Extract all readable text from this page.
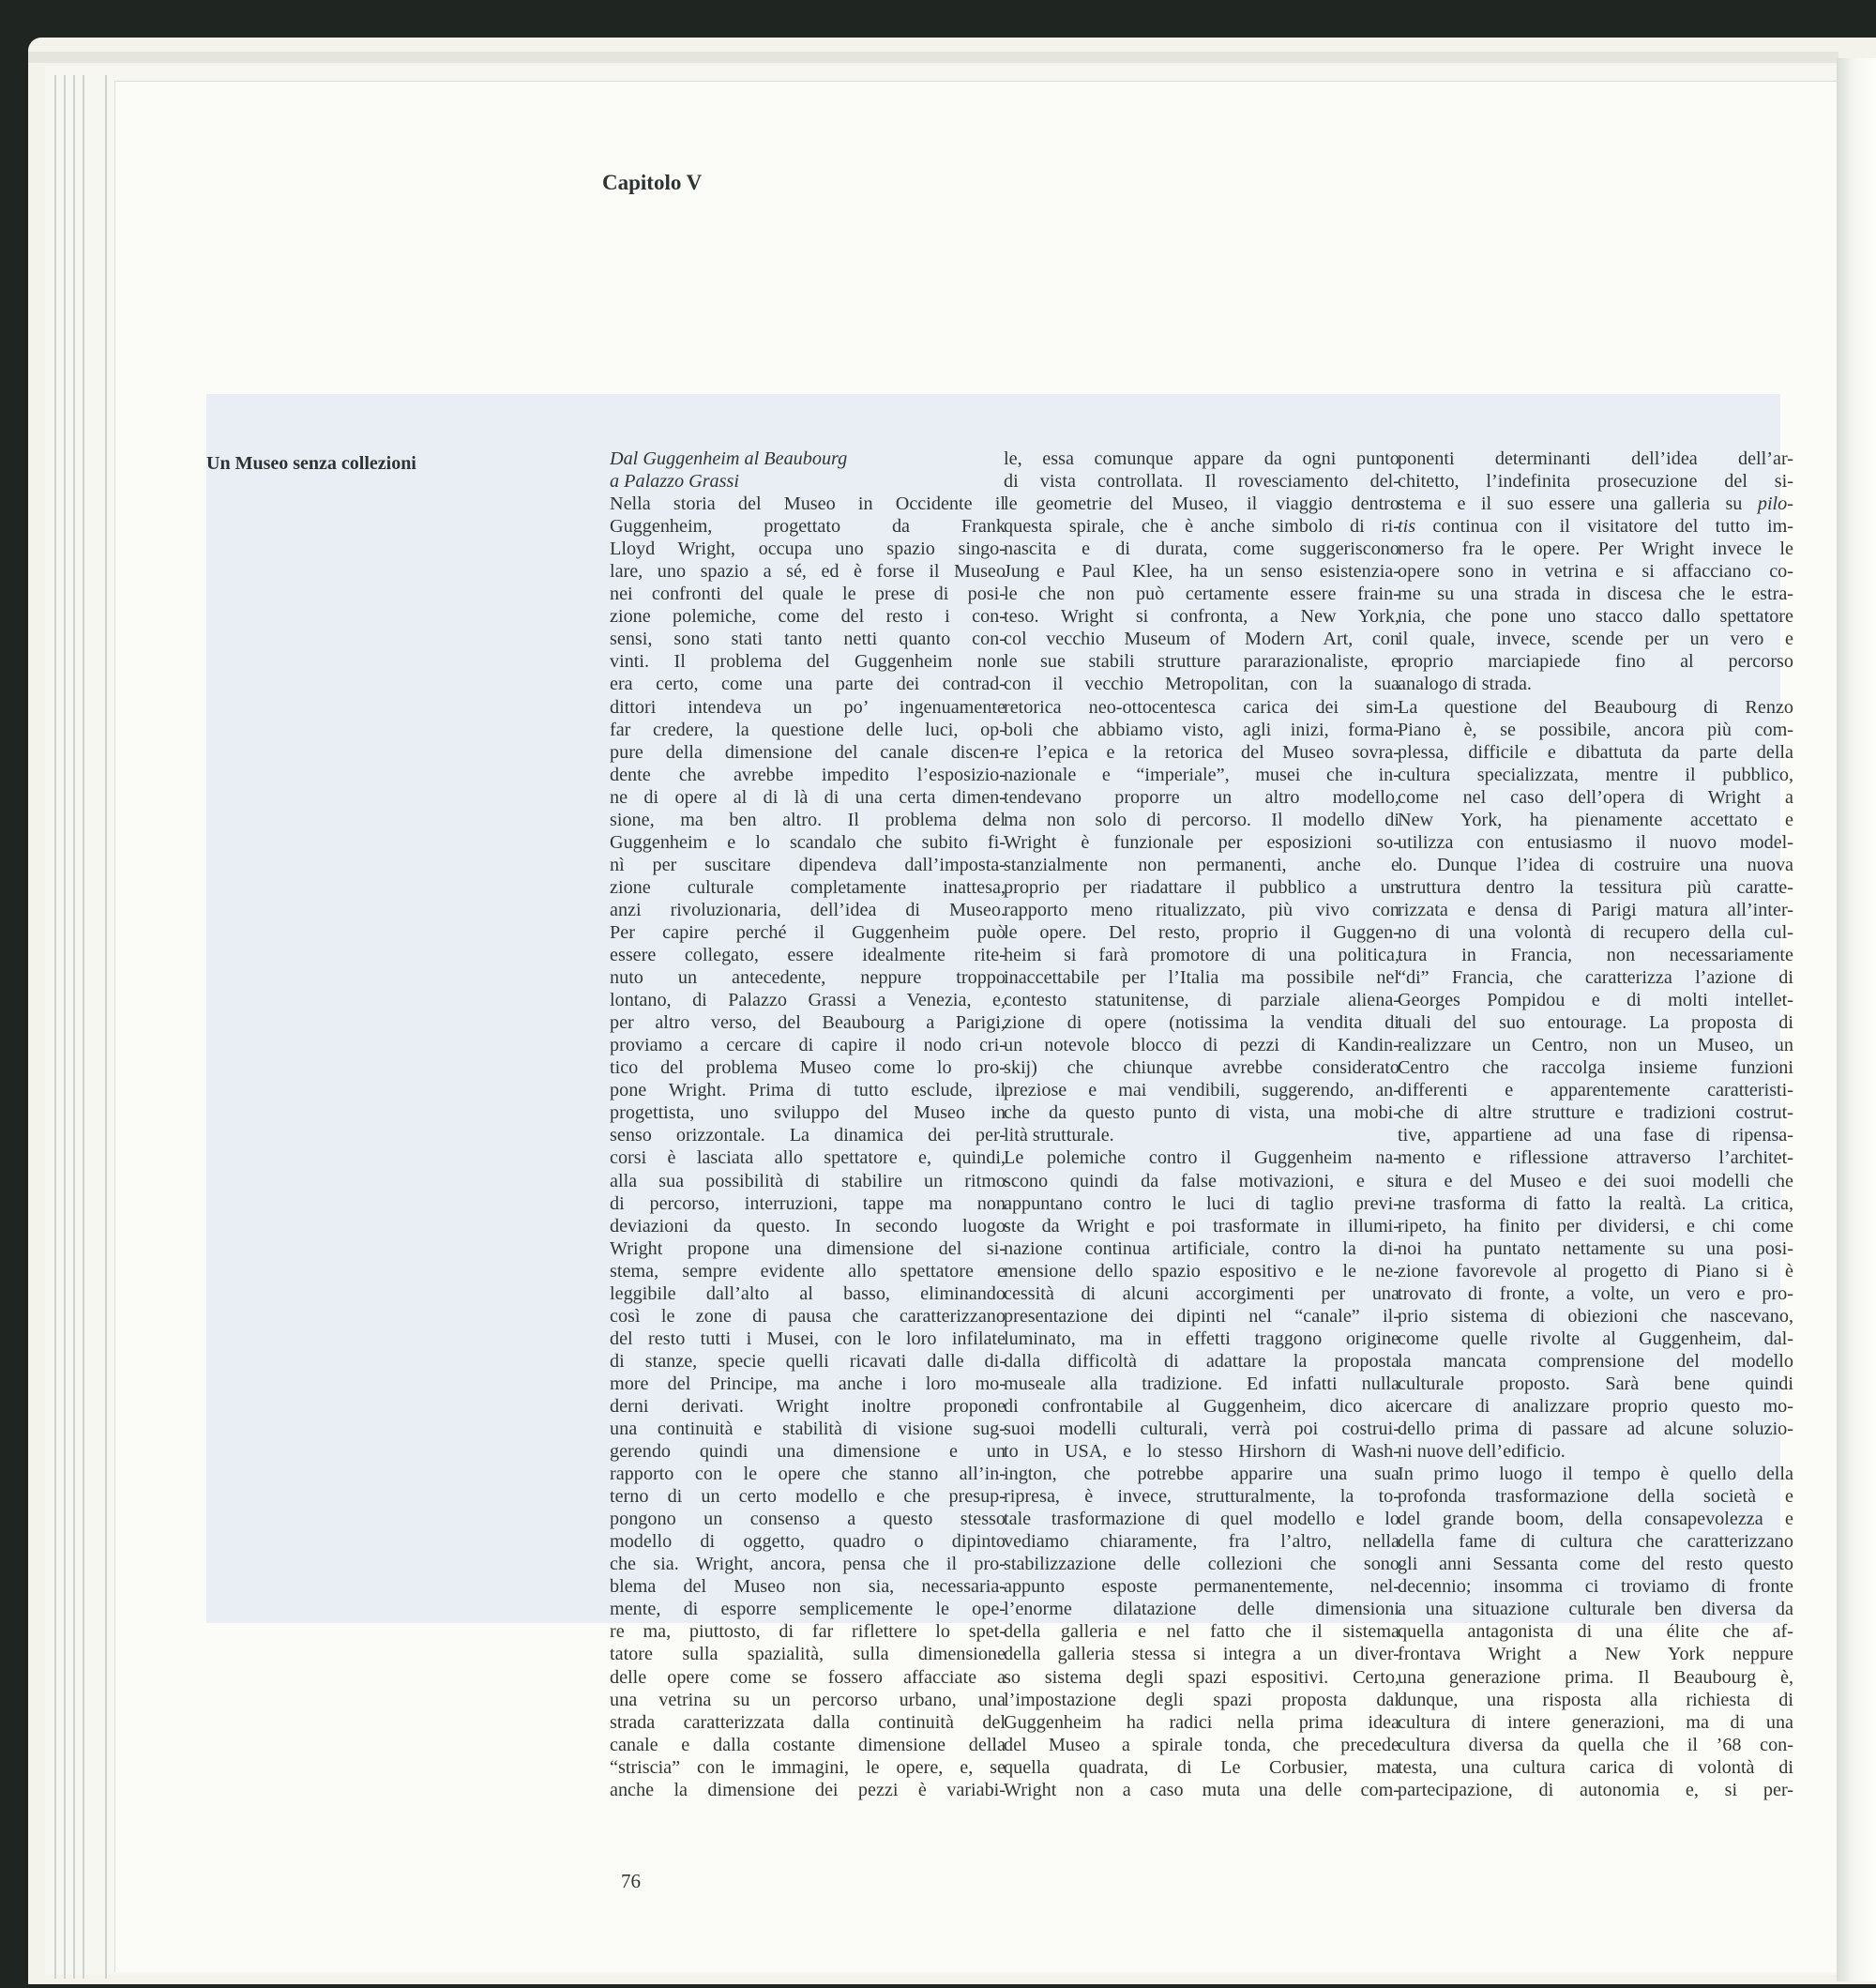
Capitolo V
Un Museo senza collezioni	Dal Guggenheim al Beaubourg
a Palazzo Grassi
Nella storia del Museo in Occidente il
Guggenheim, progettato da Frank
Lloyd Wright, occupa uno spazio singo-
lare, uno spazio a sé, ed è forse il Museo
nei confronti del quale le prese di posi-
zione polemiche, come del resto i con-
sensi, sono stati tanto netti quanto con-
vinti. Il problema del Guggenheim non
era certo, come una parte dei contrad-
dittori intendeva un po’ ingenuamente
far credere, la questione delle luci, op-
pure della dimensione del canale discen-
dente che avrebbe impedito l’esposizio-
ne di opere al di là di una certa dimen-
sione, ma ben altro. Il problema del
Guggenheim e lo scandalo che subito fi-
nì per suscitare dipendeva dall’imposta-
zione culturale completamente inattesa,
anzi rivoluzionaria, dell’idea di Museo.
Per capire perché il Guggenheim può
essere collegato, essere idealmente rite-
nuto un antecedente, neppure troppo
lontano, di Palazzo Grassi a Venezia, e,
per altro verso, del Beaubourg a Parigi,
proviamo a cercare di capire il nodo cri-
tico del problema Museo come lo pro-
pone Wright. Prima di tutto esclude, il
progettista, uno sviluppo del Museo in
senso orizzontale. La dinamica dei per-
corsi è lasciata allo spettatore e, quindi,
alla sua possibilità di stabilire un ritmo
di percorso, interruzioni, tappe ma non
deviazioni da questo. In secondo luogo
Wright propone una dimensione del si-
stema, sempre evidente allo spettatore e
leggibile dall’alto al basso, eliminando
così le zone di pausa che caratterizzano
del resto tutti i Musei, con le loro infilate
di stanze, specie quelli ricavati dalle di-
more del Principe, ma anche i loro mo-
derni derivati. Wright inoltre propone
una continuità e stabilità di visione sug-
gerendo quindi una dimensione e un
rapporto con le opere che stanno all’in-
terno di un certo modello e che presup-
pongono un consenso a questo stesso
modello di oggetto, quadro o dipinto
che sia. Wright, ancora, pensa che il pro-
blema del Museo non sia, necessaria-
mente, di esporre semplicemente le ope-
re ma, piuttosto, di far riflettere lo spet-
tatore sulla spazialità, sulla dimensione
delle opere come se fossero affacciate a
una vetrina su un percorso urbano, una
strada caratterizzata dalla continuità del
canale e dalla costante dimensione della
“striscia” con le immagini, le opere, e, se
anche la dimensione dei pezzi è variabi-
le, essa comunque appare da ogni punto
di vista controllata. Il rovesciamento del-
le geometrie del Museo, il viaggio dentro
questa spirale, che è anche simbolo di ri-
nascita e di durata, come suggeriscono
Jung e Paul Klee, ha un senso esistenzia-
le che non può certamente essere frain-
teso. Wright si confronta, a New York,
col vecchio Museum of Modern Art, con
le sue stabili strutture pararazionaliste, e
con il vecchio Metropolitan, con la sua
retorica neo-ottocentesca carica dei sim-
boli che abbiamo visto, agli inizi, forma-
re l’epica e la retorica del Museo sovra-
nazionale e “imperiale”, musei che in-
tendevano proporre un altro modello,
ma non solo di percorso. Il modello di
Wright è funzionale per esposizioni so-
stanzialmente non permanenti, anche e
proprio per riadattare il pubblico a un
rapporto meno ritualizzato, più vivo con
le opere. Del resto, proprio il Guggen-
heim si farà promotore di una politica,
inaccettabile per l’Italia ma possibile nel
contesto statunitense, di parziale aliena-
zione di opere (notissima la vendita di
un notevole blocco di pezzi di Kandin-
skij) che chiunque avrebbe considerato
preziose e mai vendibili, suggerendo, an-
che da questo punto di vista, una mobi-
lità strutturale.
Le polemiche contro il Guggenheim na-
scono quindi da false motivazioni, e si
appuntano contro le luci di taglio previ-
ste da Wright e poi trasformate in illumi-
nazione continua artificiale, contro la di-
mensione dello spazio espositivo e le ne-
cessità di alcuni accorgimenti per una
presentazione dei dipinti nel “canale” il-
luminato, ma in effetti traggono origine
dalla difficoltà di adattare la proposta
museale alla tradizione. Ed infatti nulla
di confrontabile al Guggenheim, dico ai
suoi modelli culturali, verrà poi costrui-
to in USA, e lo stesso Hirshorn di Wash-
ington, che potrebbe apparire una sua
ripresa, è invece, strutturalmente, la to-
tale trasformazione di quel modello e lo
vediamo chiaramente, fra l’altro, nella
stabilizzazione delle collezioni che sono
appunto esposte permanentemente, nel-
l’enorme dilatazione delle dimensioni
della galleria e nel fatto che il sistema
della galleria stessa si integra a un diver-
so sistema degli spazi espositivi. Certo,
l’impostazione degli spazi proposta dal
Guggenheim ha radici nella prima idea
del Museo a spirale tonda, che precede
quella quadrata, di Le Corbusier, ma
Wright non a caso muta una delle com-
ponenti determinanti dell’idea dell’ar-
chitetto, l’indefinita prosecuzione del si-
stema e il suo essere una galleria su pilo-
tis continua con il visitatore del tutto im-
merso fra le opere. Per Wright invece le
opere sono in vetrina e si affacciano co-
me su una strada in discesa che le estra-
nia, che pone uno stacco dallo spettatore
il quale, invece, scende per un vero e
proprio marciapiede fino al percorso
analogo di strada.
La questione del Beaubourg di Renzo
Piano è, se possibile, ancora più com-
plessa, difficile e dibattuta da parte della
cultura specializzata, mentre il pubblico,
come nel caso dell’opera di Wright a
New York, ha pienamente accettato e
utilizza con entusiasmo il nuovo model-
lo. Dunque l’idea di costruire una nuova
struttura dentro la tessitura più caratte-
rizzata e densa di Parigi matura all’inter-
no di una volontà di recupero della cul-
tura in Francia, non necessariamente
“di” Francia, che caratterizza l’azione di
Georges Pompidou e di molti intellet-
tuali del suo entourage. La proposta di
realizzare un Centro, non un Museo, un
Centro che raccolga insieme funzioni
differenti e apparentemente caratteristi-
che di altre strutture e tradizioni costrut-
tive, appartiene ad una fase di ripensa-
mento e riflessione attraverso l’architet-
tura e del Museo e dei suoi modelli che
ne trasforma di fatto la realtà. La critica,
ripeto, ha finito per dividersi, e chi come
noi ha puntato nettamente su una posi-
zione favorevole al progetto di Piano si è
trovato di fronte, a volte, un vero e pro-
prio sistema di obiezioni che nascevano,
come quelle rivolte al Guggenheim, dal-
la mancata comprensione del modello
culturale proposto. Sarà bene quindi
cercare di analizzare proprio questo mo-
dello prima di passare ad alcune soluzio-
ni nuove dell’edificio.
In primo luogo il tempo è quello della
profonda trasformazione della società e
del grande boom, della consapevolezza e
della fame di cultura che caratterizzano
gli anni Sessanta come del resto questo
decennio; insomma ci troviamo di fronte
a una situazione culturale ben diversa da
quella antagonista di una élite che af-
frontava Wright a New York neppure
una generazione prima. Il Beaubourg è,
dunque, una risposta alla richiesta di
cultura di intere generazioni, ma di una
cultura diversa da quella che il ’68 con-
testa, una cultura carica di volontà di
partecipazione, di autonomia e, si per-
76
